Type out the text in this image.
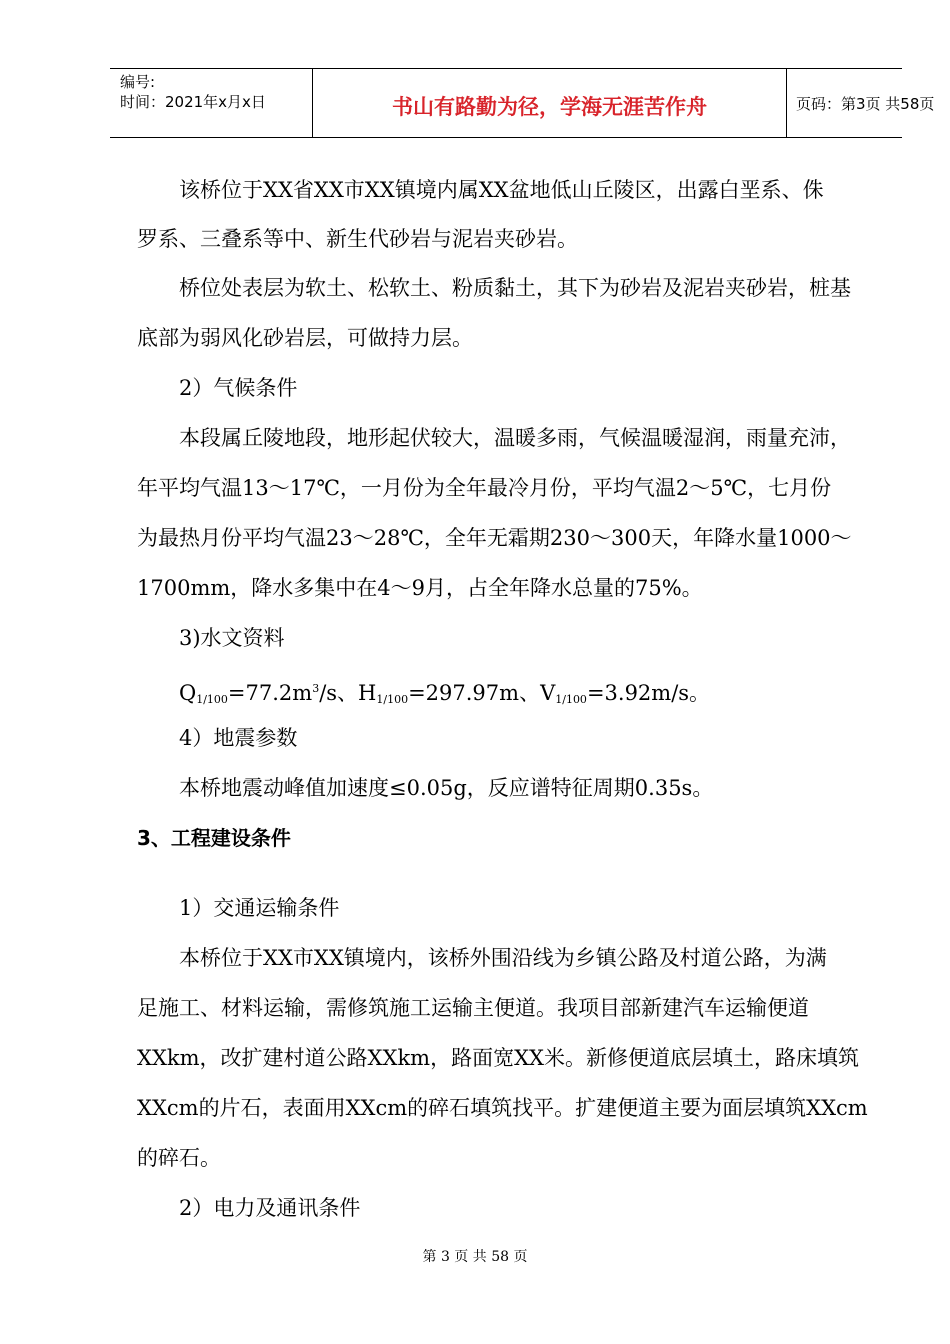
编号:
时间：2021年x月x日	书山有路勤为径，学海无涯苦作舟	页码：第3页 共58页
该桥位于XX省XX市XX镇境内属XX盆地低山丘陵区，出露白垩系、侏
罗系、三叠系等中、新生代砂岩与泥岩夹砂岩。
桥位处表层为软土、松软土、粉质黏土，其下为砂岩及泥岩夹砂岩，桩基
底部为弱风化砂岩层，可做持力层。
2）气候条件
本段属丘陵地段，地形起伏较大，温暖多雨，气候温暖湿润，雨量充沛，
年平均气温13～17℃，一月份为全年最冷月份，平均气温2～5℃，七月份
为最热月份平均气温23～28℃，全年无霜期230～300天，年降水量1000～
1700mm，降水多集中在4～9月，占全年降水总量的75%。
3)水文资料
$Q_{1/100}=77.2m^3/s$、$H_{1/100}=297.97m$、$V_{1/100}=3.92m/s$。
4）地震参数
本桥地震动峰值加速度≤0.05g，反应谱特征周期0.35s。
3、工程建设条件
1）交通运输条件
本桥位于XX市XX镇境内，该桥外围沿线为乡镇公路及村道公路，为满
足施工、材料运输，需修筑施工运输主便道。我项目部新建汽车运输便道
XXkm，改扩建村道公路XXkm，路面宽XX米。新修便道底层填土，路床填筑
XXcm的片石，表面用XXcm的碎石填筑找平。扩建便道主要为面层填筑XXcm
的碎石。
2）电力及通讯条件
第 3 页 共 58 页
